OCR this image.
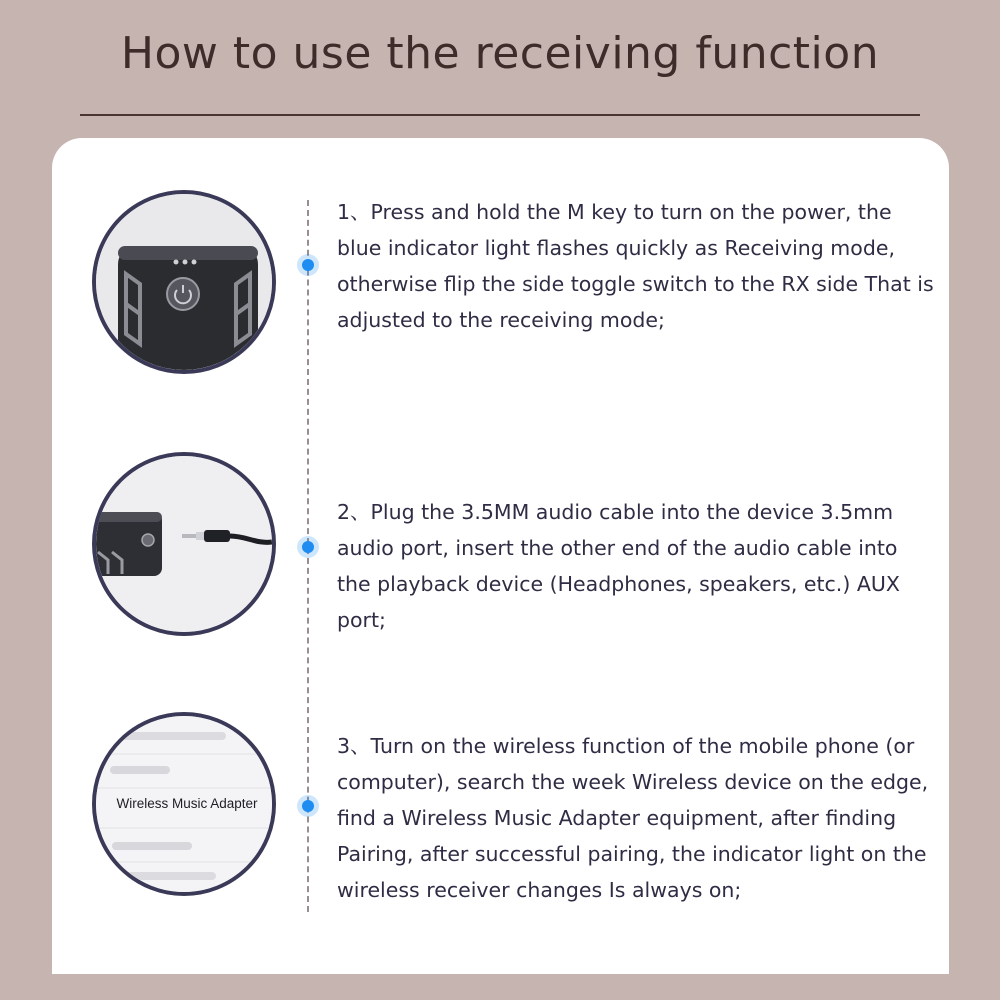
How to use the receiving function
1、Press and hold the M key to turn on the power, the blue indicator light flashes quickly as Receiving mode, otherwise flip the side toggle switch to the RX side That is adjusted to the receiving mode;
2、Plug the 3.5MM audio cable into the device 3.5mm audio port, insert the other end of the audio cable into the playback device (Headphones, speakers, etc.) AUX port;
Wireless Music Adapter
3、Turn on the wireless function of the mobile phone (or computer), search the week Wireless device on the edge, find a Wireless Music Adapter equipment, after finding Pairing, after successful pairing, the indicator light on the wireless receiver changes Is always on;
